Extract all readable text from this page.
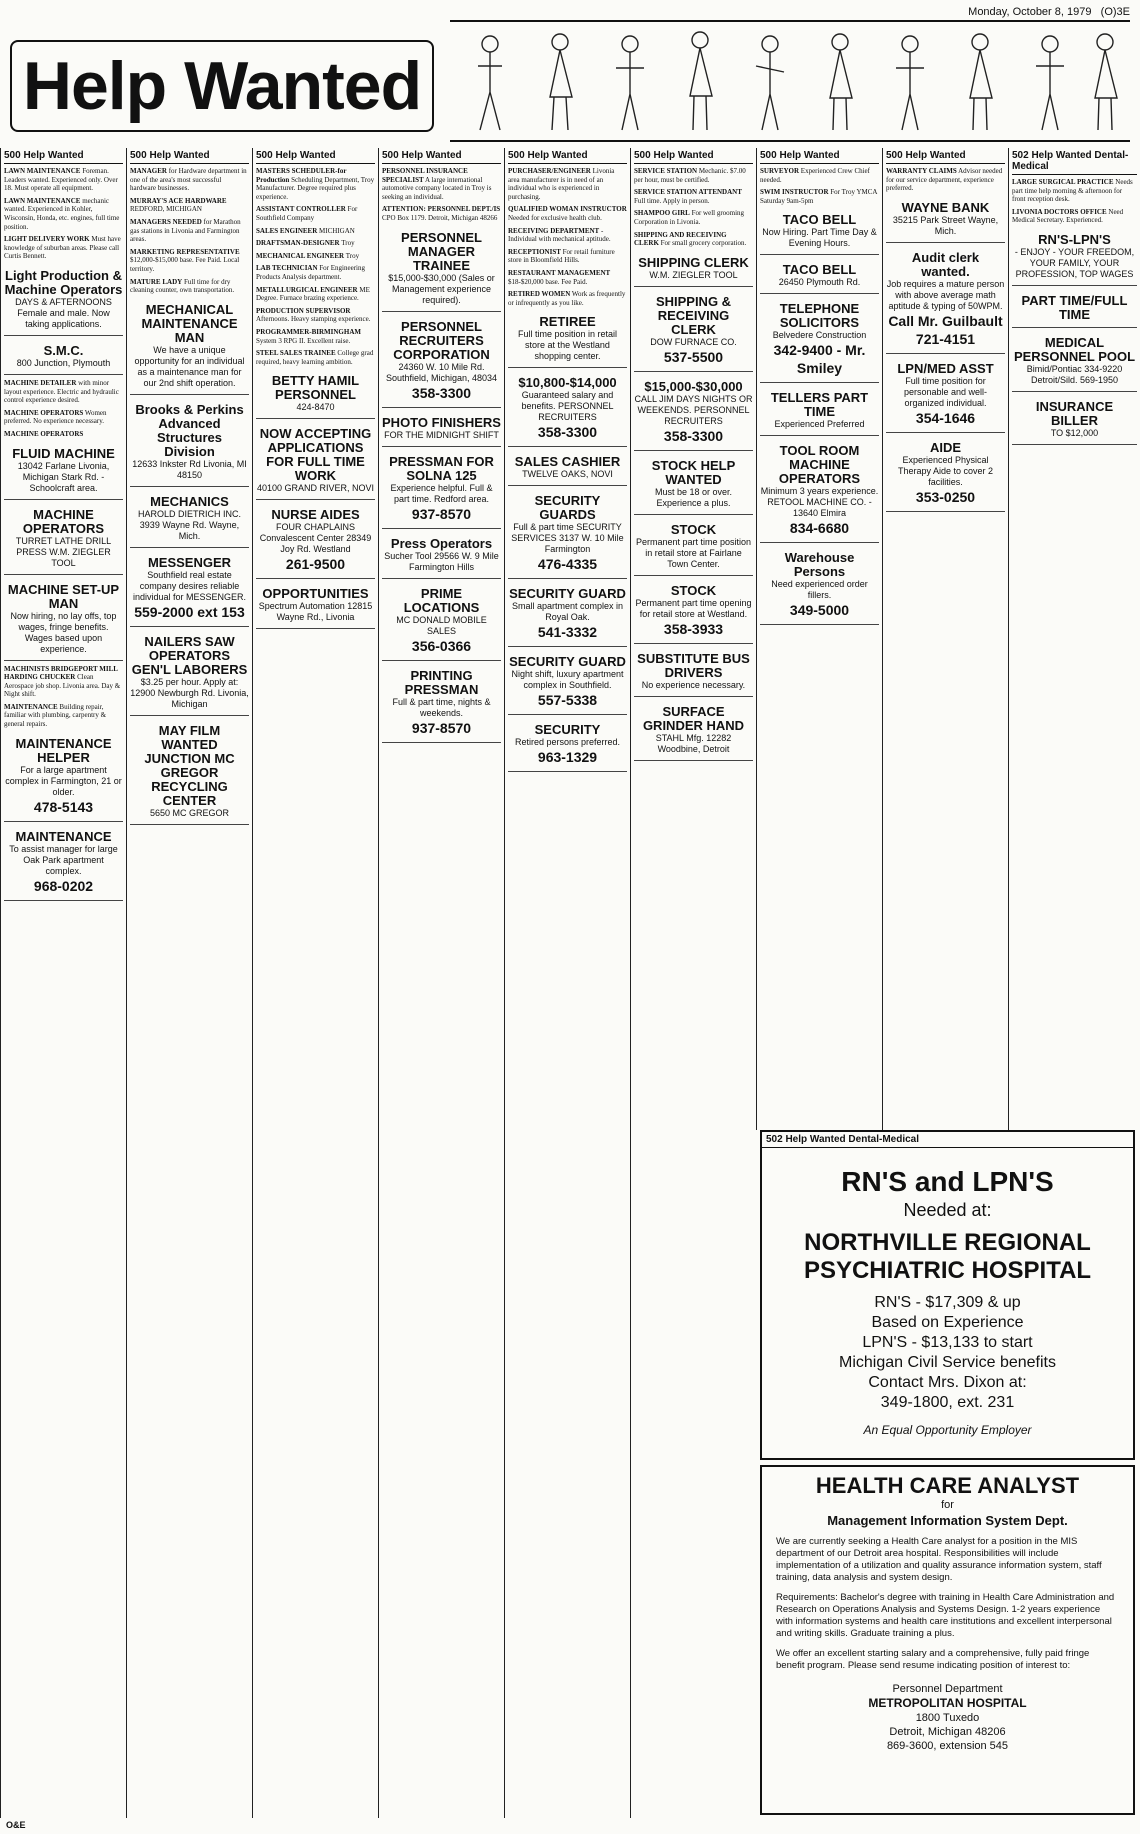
Help Wanted
Monday, October 8, 1979 (O)3E
500 Help Wanted
LAWN MAINTENANCE Foreman. Leaders wanted. Experienced only. Over 18. Must operate all equipment.
LAWN MAINTENANCE mechanic wanted. Experienced in Kohler, Wisconsin, Honda, etc. engines, full time position.
LIGHT DELIVERY WORK Must have knowledge of suburban areas. Please call Curtis Bennett.
Light Production & Machine Operators
DAYS & AFTERNOONS Female and male. Now taking applications.
S.M.C.
800 Junction, Plymouth
MACHINE DETAILER with minor layout experience. Electric and hydraulic control experience desired.
MACHINE OPERATORS Women preferred. No experience necessary.
MACHINE OPERATORS
FLUID MACHINE
13042 Farlane Livonia, Michigan Stark Rd. - Schoolcraft area.
MACHINE OPERATORS
TURRET LATHE DRILL PRESS W.M. ZIEGLER TOOL
MACHINE SET-UP MAN
Now hiring, no lay offs, top wages, fringe benefits. Wages based upon experience.
MACHINISTS BRIDGEPORT MILL HARDING CHUCKER Clean Aerospace job shop. Livonia area. Day & Night shift.
MAINTENANCE Building repair, familiar with plumbing, carpentry & general repairs.
MAINTENANCE HELPER
For a large apartment complex in Farmington, 21 or older.
478-5143
MAINTENANCE
To assist manager for large Oak Park apartment complex.
968-0202
500 Help Wanted
MANAGER for Hardware department in one of the area's most successful hardware businesses.
MURRAY'S ACE HARDWARE REDFORD, MICHIGAN
MANAGERS NEEDED for Marathon gas stations in Livonia and Farmington areas.
MARKETING REPRESENTATIVE $12,000-$15,000 base. Fee Paid. Local territory.
MATURE LADY Full time for dry cleaning counter, own transportation.
MECHANICAL MAINTENANCE MAN
We have a unique opportunity for an individual as a maintenance man for our 2nd shift operation.
Brooks & Perkins Advanced Structures Division
12633 Inkster Rd Livonia, MI 48150
MECHANICS
HAROLD DIETRICH INC. 3939 Wayne Rd. Wayne, Mich.
MESSENGER
Southfield real estate company desires reliable individual for MESSENGER.
559-2000 ext 153
NAILERS SAW OPERATORS GEN'L LABORERS
$3.25 per hour. Apply at: 12900 Newburgh Rd. Livonia, Michigan
MAY FILM WANTED JUNCTION MC GREGOR RECYCLING CENTER
5650 MC GREGOR
500 Help Wanted
MASTERS SCHEDULER-for Production Scheduling Department, Troy Manufacturer. Degree required plus experience.
ASSISTANT CONTROLLER For Southfield Company
SALES ENGINEER MICHIGAN
DRAFTSMAN-DESIGNER Troy
MECHANICAL ENGINEER Troy
LAB TECHNICIAN For Engineering Products Analysis department.
METALLURGICAL ENGINEER ME Degree. Furnace brazing experience.
PRODUCTION SUPERVISOR Afternoons. Heavy stamping experience.
PROGRAMMER-BIRMINGHAM System 3 RPG II. Excellent raise.
STEEL SALES TRAINEE College grad required, heavy learning ambition.
BETTY HAMIL PERSONNEL
424-8470
NOW ACCEPTING APPLICATIONS FOR FULL TIME WORK
40100 GRAND RIVER, NOVI
NURSE AIDES
FOUR CHAPLAINS Convalescent Center 28349 Joy Rd. Westland
261-9500
OPPORTUNITIES
Spectrum Automation 12815 Wayne Rd., Livonia
500 Help Wanted
PERSONNEL INSURANCE SPECIALIST A large international automotive company located in Troy is seeking an individual.
ATTENTION: PERSONNEL DEPT./IS CPO Box 1179. Detroit, Michigan 48266
PERSONNEL MANAGER TRAINEE
$15,000-$30,000 (Sales or Management experience required).
PERSONNEL RECRUITERS CORPORATION
24360 W. 10 Mile Rd. Southfield, Michigan, 48034
358-3300
PHOTO FINISHERS
FOR THE MIDNIGHT SHIFT
PRESSMAN FOR SOLNA 125
Experience helpful. Full & part time. Redford area.
937-8570
Press Operators
Sucher Tool 29566 W. 9 Mile Farmington Hills
PRIME LOCATIONS
MC DONALD MOBILE SALES
356-0366
PRINTING PRESSMAN
Full & part time, nights & weekends.
937-8570
500 Help Wanted
PURCHASER/ENGINEER Livonia area manufacturer is in need of an individual who is experienced in purchasing.
QUALIFIED WOMAN INSTRUCTOR Needed for exclusive health club.
RECEIVING DEPARTMENT - Individual with mechanical aptitude.
RECEPTIONIST For retail furniture store in Bloomfield Hills.
RESTAURANT MANAGEMENT $18-$20,000 base. Fee Paid.
RETIRED WOMEN Work as frequently or infrequently as you like.
RETIREE
Full time position in retail store at the Westland shopping center.
$10,800-$14,000
Guaranteed salary and benefits. PERSONNEL RECRUITERS
358-3300
SALES CASHIER
TWELVE OAKS, NOVI
SECURITY GUARDS
Full & part time SECURITY SERVICES 3137 W. 10 Mile Farmington
476-4335
SECURITY GUARD
Small apartment complex in Royal Oak.
541-3332
SECURITY GUARD
Night shift, luxury apartment complex in Southfield.
557-5338
SECURITY
Retired persons preferred.
963-1329
500 Help Wanted
SERVICE STATION Mechanic. $7.00 per hour, must be certified.
SERVICE STATION ATTENDANT Full time. Apply in person.
SHAMPOO GIRL For well grooming Corporation in Livonia.
SHIPPING AND RECEIVING CLERK For small grocery corporation.
SHIPPING CLERK
W.M. ZIEGLER TOOL
SHIPPING & RECEIVING CLERK
DOW FURNACE CO.
537-5500
$15,000-$30,000
CALL JIM DAYS NIGHTS OR WEEKENDS. PERSONNEL RECRUITERS
358-3300
STOCK HELP WANTED
Must be 18 or over. Experience a plus.
STOCK
Permanent part time position in retail store at Fairlane Town Center.
STOCK
Permanent part time opening for retail store at Westland.
358-3933
SUBSTITUTE BUS DRIVERS
No experience necessary.
SURFACE GRINDER HAND
STAHL Mfg. 12282 Woodbine, Detroit
500 Help Wanted
SURVEYOR Experienced Crew Chief needed.
SWIM INSTRUCTOR For Troy YMCA Saturday 9am-5pm
TACO BELL
Now Hiring. Part Time Day & Evening Hours.
TACO BELL
26450 Plymouth Rd.
TELEPHONE SOLICITORS
Belvedere Construction
342-9400 - Mr. Smiley
TELLERS PART TIME
Experienced Preferred
TOOL ROOM MACHINE OPERATORS
Minimum 3 years experience. RETOOL MACHINE CO. - 13640 Elmira
834-6680
Warehouse Persons
Need experienced order fillers.
349-5000
500 Help Wanted
WARRANTY CLAIMS Advisor needed for our service department, experience preferred.
WAYNE BANK
35215 Park Street Wayne, Mich.
Audit clerk wanted.
Job requires a mature person with above average math aptitude & typing of 50WPM.
Call Mr. Guilbault 721-4151
LPN/MED ASST
Full time position for personable and well-organized individual.
354-1646
AIDE
Experienced Physical Therapy Aide to cover 2 facilities.
353-0250
502 Help Wanted Dental-Medical
LARGE SURGICAL PRACTICE Needs part time help morning & afternoon for front reception desk.
LIVONIA DOCTORS OFFICE Need Medical Secretary. Experienced.
RN'S-LPN'S
- ENJOY - YOUR FREEDOM, YOUR FAMILY, YOUR PROFESSION, TOP WAGES
PART TIME/FULL TIME
MEDICAL PERSONNEL POOL
Bimid/Pontiac 334-9220 Detroit/Sild. 569-1950
INSURANCE BILLER
TO $12,000
502 Help Wanted Dental-Medical
RN'S and LPN'S
Needed at:
NORTHVILLE REGIONAL PSYCHIATRIC HOSPITAL
RN'S - $17,309 & up
Based on Experience
LPN'S - $13,133 to start
Michigan Civil Service benefits
Contact Mrs. Dixon at:
349-1800, ext. 231
An Equal Opportunity Employer
HEALTH CARE ANALYST
for
Management Information System Dept.

We are currently seeking a Health Care analyst for a position in the MIS department of our Detroit area hospital. Responsibilities will include implementation of a utilization and quality assurance information system, staff training, data analysis and system design.

Requirements: Bachelor's degree with training in Health Care Administration and Research on Operations Analysis and Systems Design. 1-2 years experience with information systems and health care institutions and excellent interpersonal and writing skills. Graduate training a plus.

We offer an excellent starting salary and a comprehensive, fully paid fringe benefit program. Please send resume indicating position of interest to:

Personnel Department
METROPOLITAN HOSPITAL
1800 Tuxedo
Detroit, Michigan 48206
869-3600, extension 545
O&E
